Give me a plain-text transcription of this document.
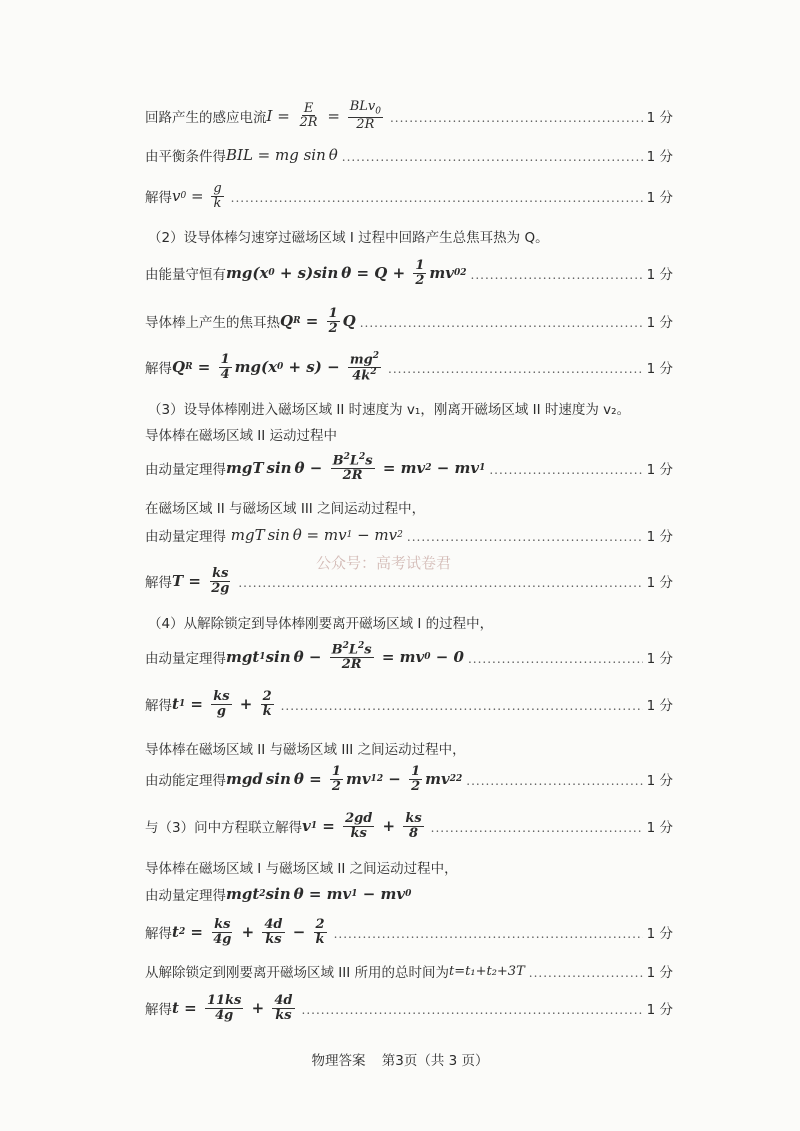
回路产生的感应电流 $I = \frac{E}{2R} = \frac{BLv_0}{2R}$ .....	1 分
由平衡条件得 BIL = mg sin θ .....	1 分
解得 v $0 = \frac{g}{k}$ .....	1 分
（2）设导体棒匀速穿过磁场区域 I 过程中回路产生总焦耳热为 Q。
由能量守恒有 mg(x 0 + s)sin $\theta = Q + \frac{1}{2}$ mv 0 2 .....	1 分
导体棒上产生的焦耳热 Q $R = \frac{1}{2}$ Q .....	1 分
解得 Q $R = \frac{1}{4} mg(x$ $0 + s) - \frac{mg^2}{4k^2}$ .....	1 分
（3）设导体棒刚进入磁场区域 II 时速度为 v₁，刚离开磁场区域 II 时速度为 v₂。
导体棒在磁场区域 II 运动过程中
由动量定理得 mgT $\sin \theta - \frac{B^2L^2s}{2R}$ = mv 2 − mv 1 .....	1 分
在磁场区域 II 与磁场区域 III 之间运动过程中，
由动量定理得 mgT sin θ = mv 1 − mv 2 .....	1 分
解得 $T = \frac{ks}{2g}$ .....	1 分
（4）从解除锁定到导体棒刚要离开磁场区域 I 的过程中，
由动量定理得 mgt 1 $\sin \theta - \frac{B^2L^2s}{2R}$ = mv 0 − 0 .....	1 分
解得 t $1 = \frac{ks}{g} + \frac{2}{k}$ .....	1 分
导体棒在磁场区域 II 与磁场区域 III 之间运动过程中，
由动能定理得 mgd $\sin \theta = \frac{1}{2}$ mv 1 $2 - \frac{1}{2}$ mv 2 2 .....	1 分
与（3）问中方程联立解得 v $1 = \frac{2gd}{ks} + \frac{ks}{8}$ .....	1 分
导体棒在磁场区域 I 与磁场区域 II 之间运动过程中，
由动量定理得 mgt 2 sin θ = mv 1 − mv 0
解得 t $2 = \frac{ks}{4g} + \frac{4d}{ks} - \frac{2}{k}$ .....	1 分
从解除锁定到刚要离开磁场区域 III 所用的总时间为 t=t₁+t₂+3T .....	1 分
解得 $t = \frac{11ks}{4g} + \frac{4d}{ks}$ .....	1 分
公众号：高考试卷君
物理答案 第3页（共 3 页）
